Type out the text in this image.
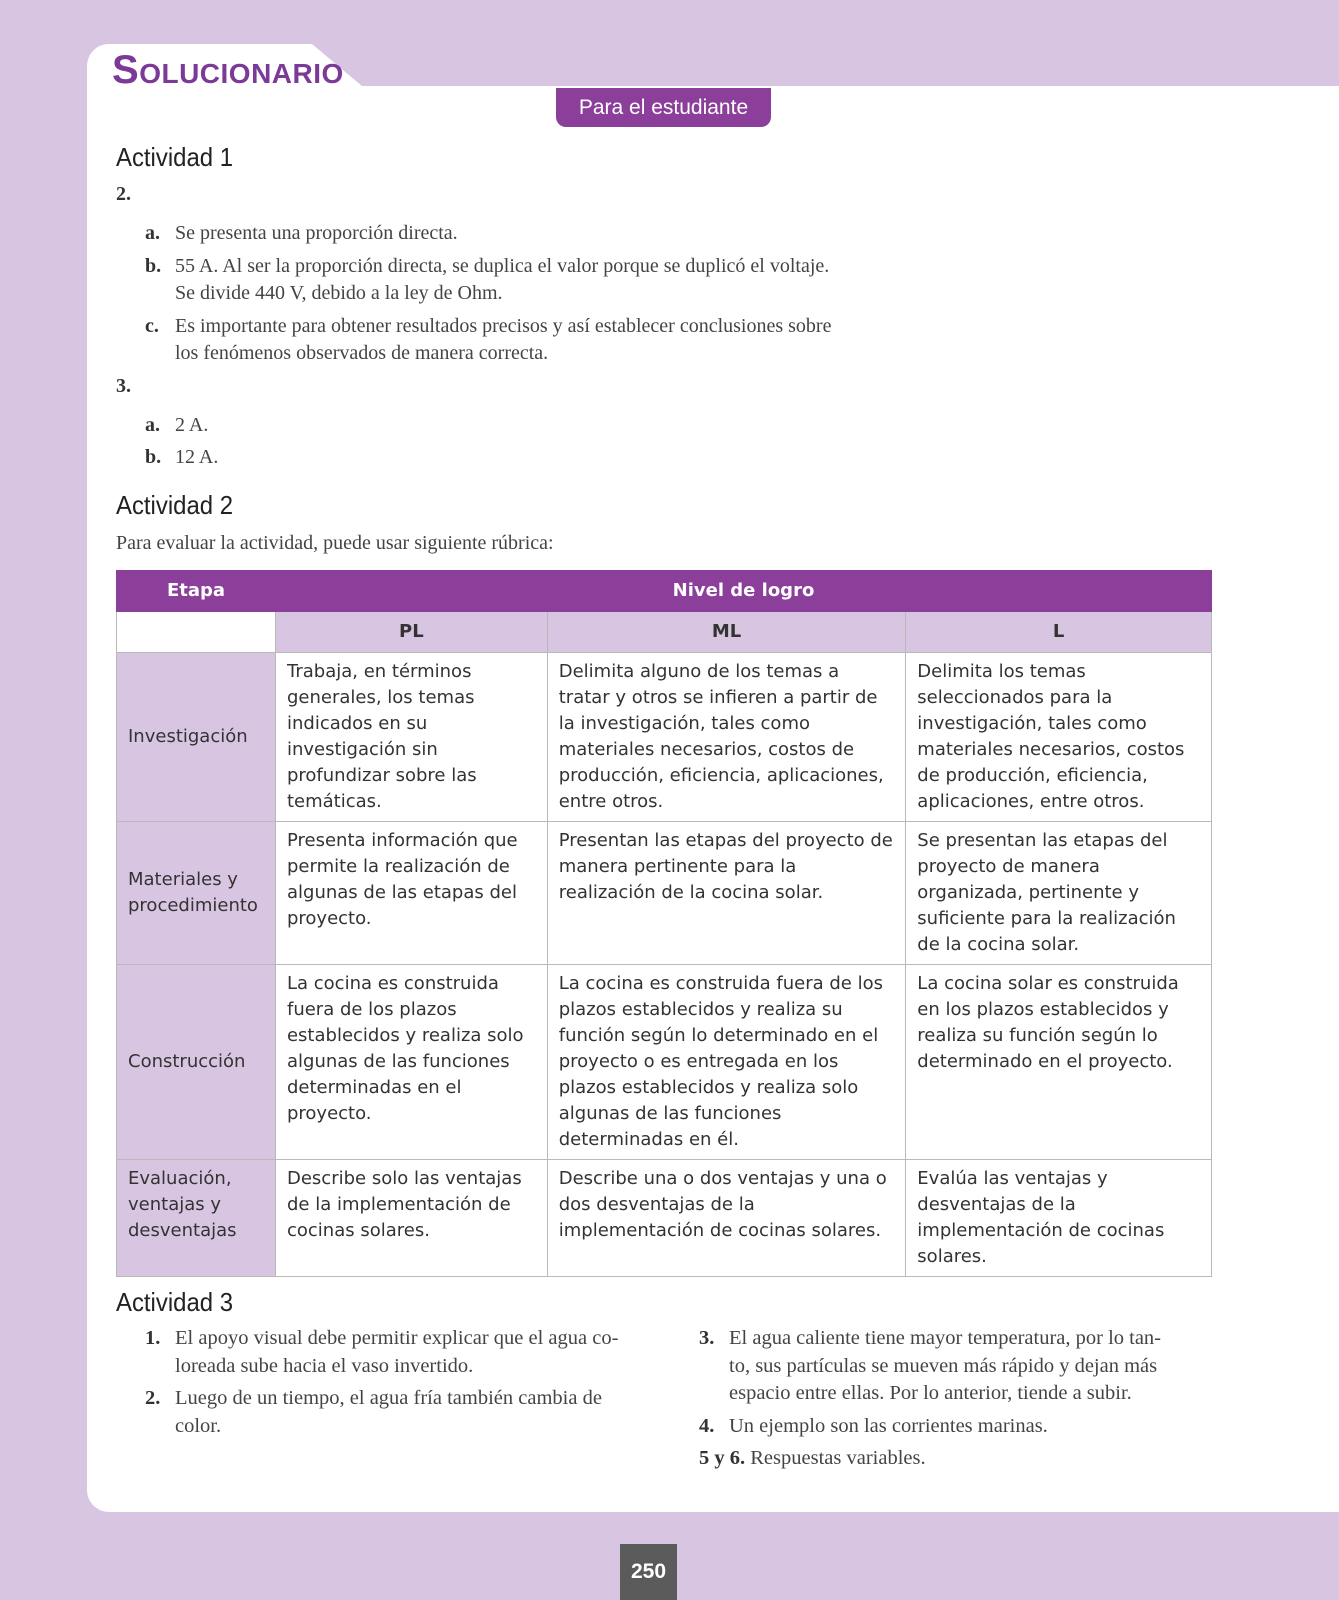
SOLUCIONARIO
Para el estudiante
Actividad 1
2.
a. Se presenta una proporción directa.
b. 55 A. Al ser la proporción directa, se duplica el valor porque se duplicó el voltaje.
Se divide 440 V, debido a la ley de Ohm.
c. Es importante para obtener resultados precisos y así establecer conclusiones sobre
los fenómenos observados de manera correcta.
3.
a. 2 A.
b. 12 A.
Actividad 2
Para evaluar la actividad, puede usar siguiente rúbrica:
Etapa	Nivel de logro		
	PL	ML	L
Investigación	Trabaja, en términos generales, los temas indicados en su investigación sin profundizar sobre las temáticas.	Delimita alguno de los temas a tratar y otros se infieren a partir de la investigación, tales como materiales necesarios, costos de producción, eficiencia, aplicaciones, entre otros.	Delimita los temas seleccionados para la investigación, tales como materiales necesarios, costos de producción, eficiencia, aplicaciones, entre otros.
Materiales y procedimiento	Presenta información que permite la realización de algunas de las etapas del proyecto.	Presentan las etapas del proyecto de manera pertinente para la realización de la cocina solar.	Se presentan las etapas del proyecto de manera organizada, pertinente y suficiente para la realización de la cocina solar.
Construcción	La cocina es construida fuera de los plazos establecidos y realiza solo algunas de las funciones determinadas en el proyecto.	La cocina es construida fuera de los plazos establecidos y realiza su función según lo determinado en el proyecto o es entregada en los plazos establecidos y realiza solo algunas de las funciones determinadas en él.	La cocina solar es construida en los plazos establecidos y realiza su función según lo determinado en el proyecto.
Evaluación, ventajas y desventajas	Describe solo las ventajas de la implementación de cocinas solares.	Describe una o dos ventajas y una o dos desventajas de la implementación de cocinas solares.	Evalúa las ventajas y desventajas de la implementación de cocinas solares.
Actividad 3
1. El apoyo visual debe permitir explicar que el agua co-
loreada sube hacia el vaso invertido.
2. Luego de un tiempo, el agua fría también cambia de
color.
3. El agua caliente tiene mayor temperatura, por lo tan-
to, sus partículas se mueven más rápido y dejan más
espacio entre ellas. Por lo anterior, tiende a subir.
4. Un ejemplo son las corrientes marinas.
5 y 6. Respuestas variables.
250
